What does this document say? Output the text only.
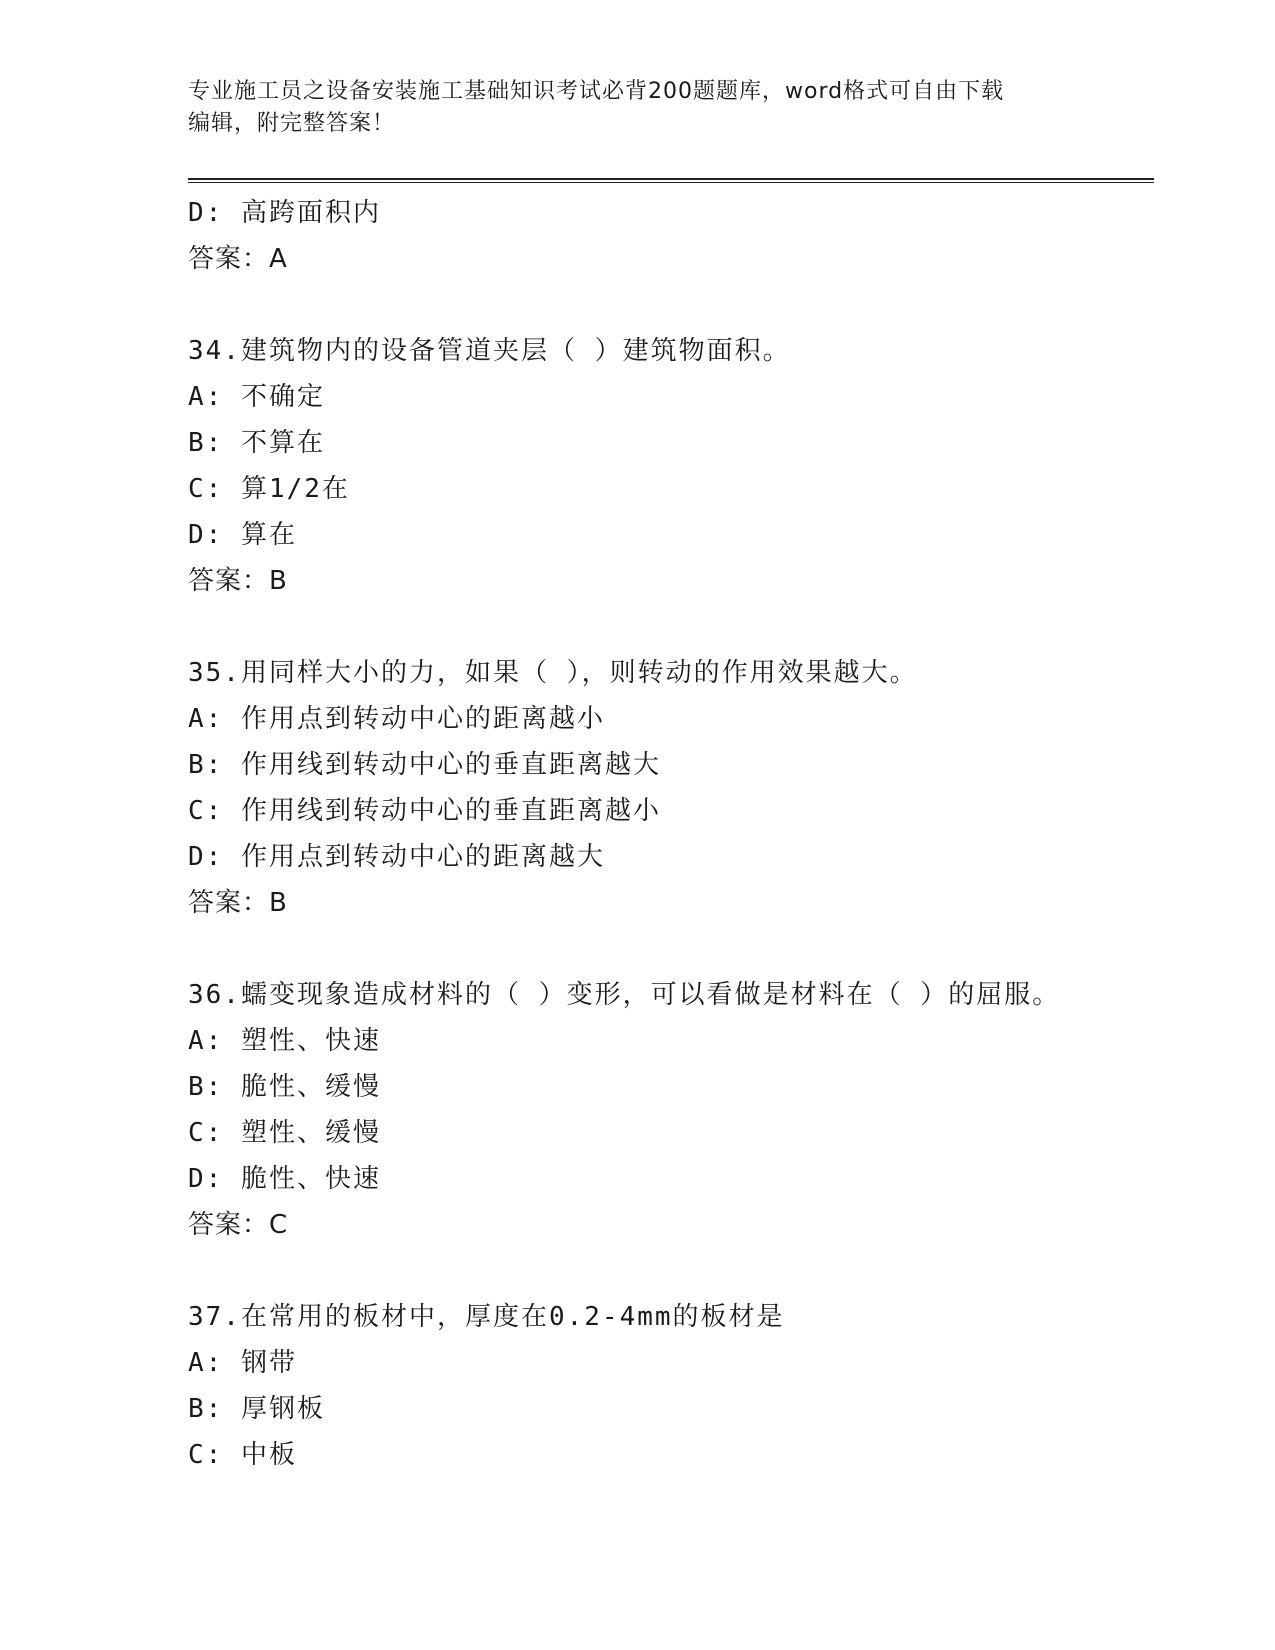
专业施工员之设备安装施工基础知识考试必背200题题库，word格式可自由下载
编辑，附完整答案！
D: 高跨面积内
答案：A
34.建筑物内的设备管道夹层（ ）建筑物面积。
A: 不确定
B: 不算在
C: 算1/2在
D: 算在
答案：B
35.用同样大小的力，如果（ ），则转动的作用效果越大。
A: 作用点到转动中心的距离越小
B: 作用线到转动中心的垂直距离越大
C: 作用线到转动中心的垂直距离越小
D: 作用点到转动中心的距离越大
答案：B
36.蠕变现象造成材料的（ ）变形，可以看做是材料在（ ）的屈服。
A: 塑性、快速
B: 脆性、缓慢
C: 塑性、缓慢
D: 脆性、快速
答案：C
37.在常用的板材中，厚度在0.2-4mm的板材是
A: 钢带
B: 厚钢板
C: 中板
